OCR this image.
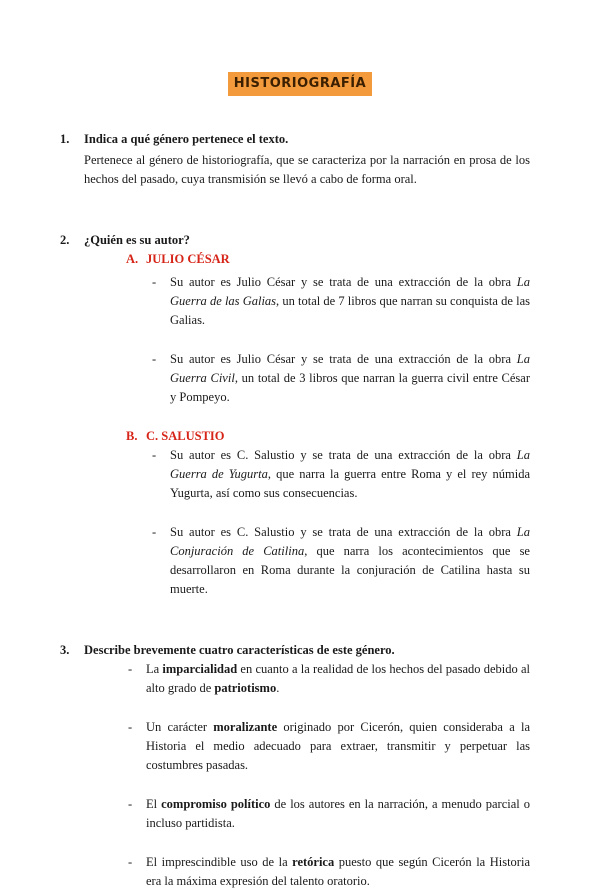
HISTORIOGRAFÍA
1. Indica a qué género pertenece el texto.
Pertenece al género de historiografía, que se caracteriza por la narración en prosa de los hechos del pasado, cuya transmisión se llevó a cabo de forma oral.
2. ¿Quién es su autor?
A. JULIO CÉSAR
- Su autor es Julio César y se trata de una extracción de la obra La Guerra de las Galias, un total de 7 libros que narran su conquista de las Galias.
- Su autor es Julio César y se trata de una extracción de la obra La Guerra Civil, un total de 3 libros que narran la guerra civil entre César y Pompeyo.
B. C. SALUSTIO
- Su autor es C. Salustio y se trata de una extracción de la obra La Guerra de Yugurta, que narra la guerra entre Roma y el rey númida Yugurta, así como sus consecuencias.
- Su autor es C. Salustio y se trata de una extracción de la obra La Conjuración de Catilina, que narra los acontecimientos que se desarrollaron en Roma durante la conjuración de Catilina hasta su muerte.
3. Describe brevemente cuatro características de este género.
- La imparcialidad en cuanto a la realidad de los hechos del pasado debido al alto grado de patriotismo.
- Un carácter moralizante originado por Cicerón, quien consideraba a la Historia el medio adecuado para extraer, transmitir y perpetuar las costumbres pasadas.
- El compromiso político de los autores en la narración, a menudo parcial o incluso partidista.
- El imprescindible uso de la retórica puesto que según Cicerón la Historia era la máxima expresión del talento oratorio.
